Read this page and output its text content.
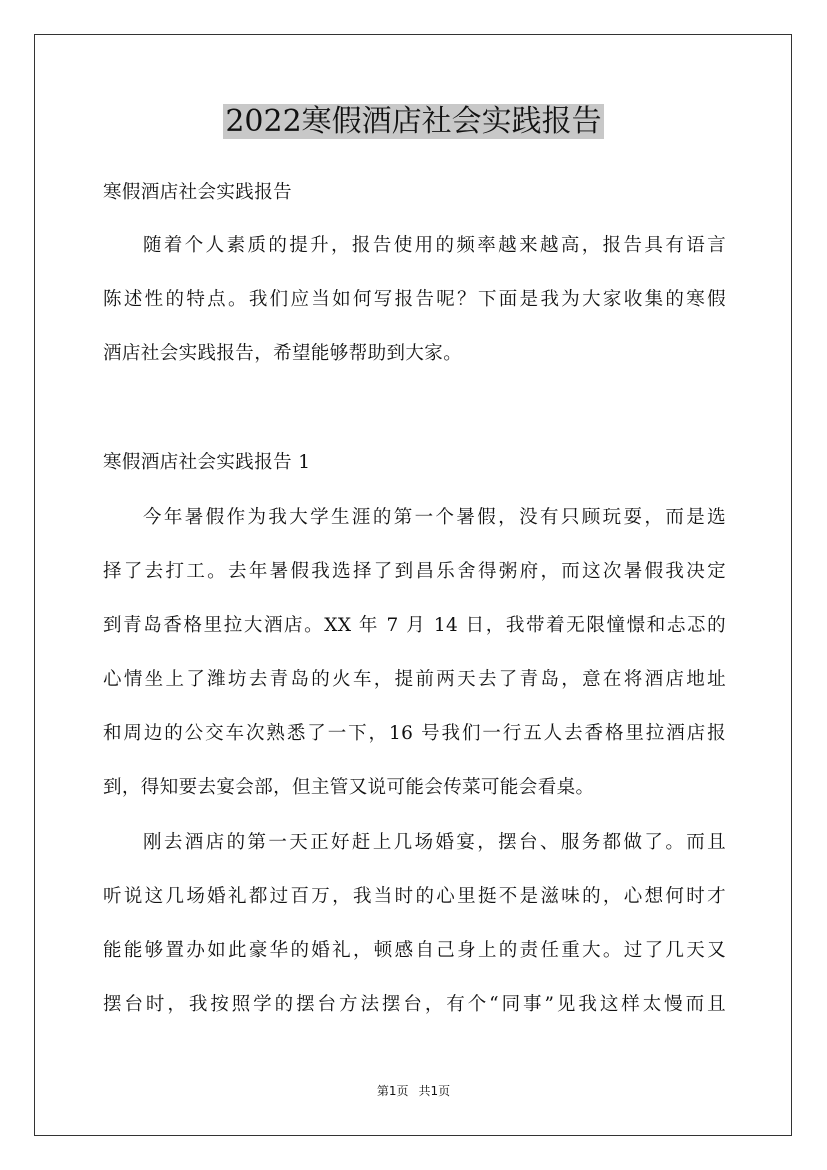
2022寒假酒店社会实践报告
寒假酒店社会实践报告
随着个人素质的提升，报告使用的频率越来越高，报告具有语言
陈述性的特点。我们应当如何写报告呢？下面是我为大家收集的寒假
酒店社会实践报告，希望能够帮助到大家。
寒假酒店社会实践报告 1
今年暑假作为我大学生涯的第一个暑假，没有只顾玩耍，而是选
择了去打工。去年暑假我选择了到昌乐舍得粥府，而这次暑假我决定
到青岛香格里拉大酒店。XX 年 7 月 14 日，我带着无限憧憬和忐忑的
心情坐上了潍坊去青岛的火车，提前两天去了青岛，意在将酒店地址
和周边的公交车次熟悉了一下，16 号我们一行五人去香格里拉酒店报
到，得知要去宴会部，但主管又说可能会传菜可能会看桌。
刚去酒店的第一天正好赶上几场婚宴，摆台、服务都做了。而且
听说这几场婚礼都过百万，我当时的心里挺不是滋味的，心想何时才
能能够置办如此豪华的婚礼，顿感自己身上的责任重大。过了几天又
摆台时，我按照学的摆台方法摆台，有个“同事”见我这样太慢而且
第1页 共1页
